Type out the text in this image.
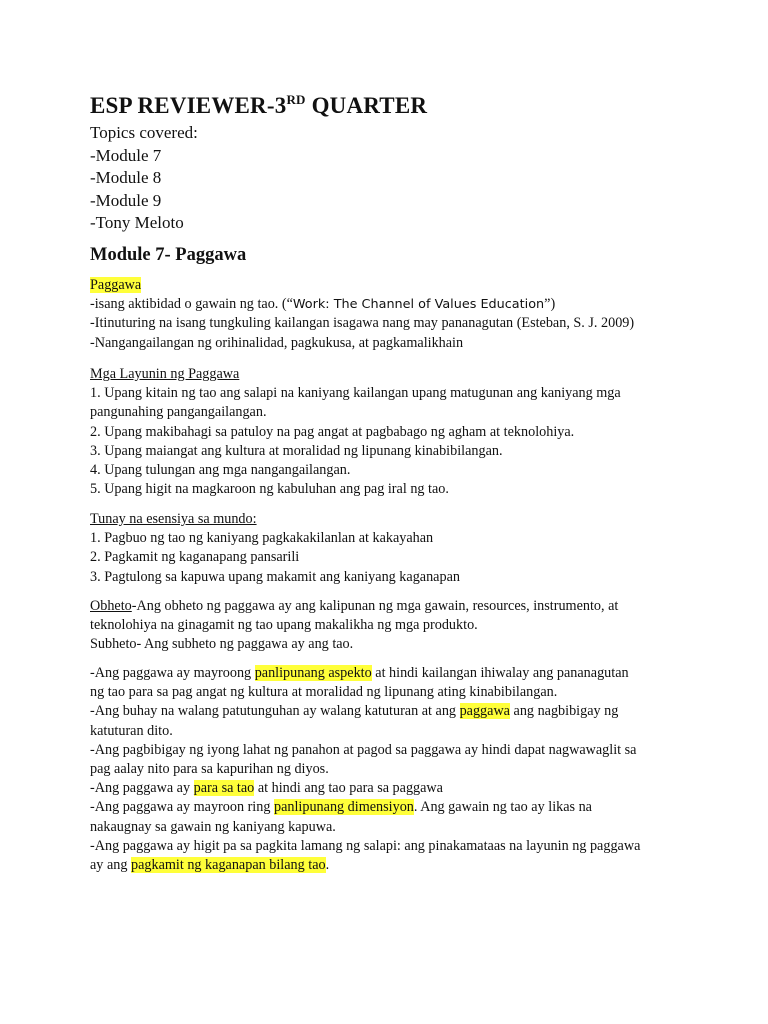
ESP REVIEWER-3RD QUARTER
Topics covered:
-Module 7
-Module 8
-Module 9
-Tony Meloto
Module 7- Paggawa
Paggawa
-isang aktibidad o gawain ng tao. (“Work: The Channel of Values Education”)
-Itinuturing na isang tungkuling kailangan isagawa nang may pananagutan (Esteban, S. J. 2009)
-Nangangailangan ng orihinalidad, pagkukusa, at pagkamalikhain
Mga Layunin ng Paggawa
1. Upang kitain ng tao ang salapi na kaniyang kailangan upang matugunan ang kaniyang mga
pangunahing pangangailangan.
2. Upang makibahagi sa patuloy na pag angat at pagbabago ng agham at teknolohiya.
3. Upang maiangat ang kultura at moralidad ng lipunang kinabibilangan.
4. Upang tulungan ang mga nangangailangan.
5. Upang higit na magkaroon ng kabuluhan ang pag iral ng tao.
Tunay na esensiya sa mundo:
1. Pagbuo ng tao ng kaniyang pagkakakilanlan at kakayahan
2. Pagkamit ng kaganapang pansarili
3. Pagtulong sa kapuwa upang makamit ang kaniyang kaganapan
Obheto-Ang obheto ng paggawa ay ang kalipunan ng mga gawain, resources, instrumento, at
teknolohiya na ginagamit ng tao upang makalikha ng mga produkto.
Subheto- Ang subheto ng paggawa ay ang tao.
-Ang paggawa ay mayroong panlipunang aspekto at hindi kailangan ihiwalay ang pananagutan
ng tao para sa pag angat ng kultura at moralidad ng lipunang ating kinabibilangan.
-Ang buhay na walang patutunguhan ay walang katuturan at ang paggawa ang nagbibigay ng
katuturan dito.
-Ang pagbibigay ng iyong lahat ng panahon at pagod sa paggawa ay hindi dapat nagwawaglit sa
pag aalay nito para sa kapurihan ng diyos.
-Ang paggawa ay para sa tao at hindi ang tao para sa paggawa
-Ang paggawa ay mayroon ring panlipunang dimensiyon. Ang gawain ng tao ay likas na
nakaugnay sa gawain ng kaniyang kapuwa.
-Ang paggawa ay higit pa sa pagkita lamang ng salapi: ang pinakamataas na layunin ng paggawa
ay ang pagkamit ng kaganapan bilang tao.
